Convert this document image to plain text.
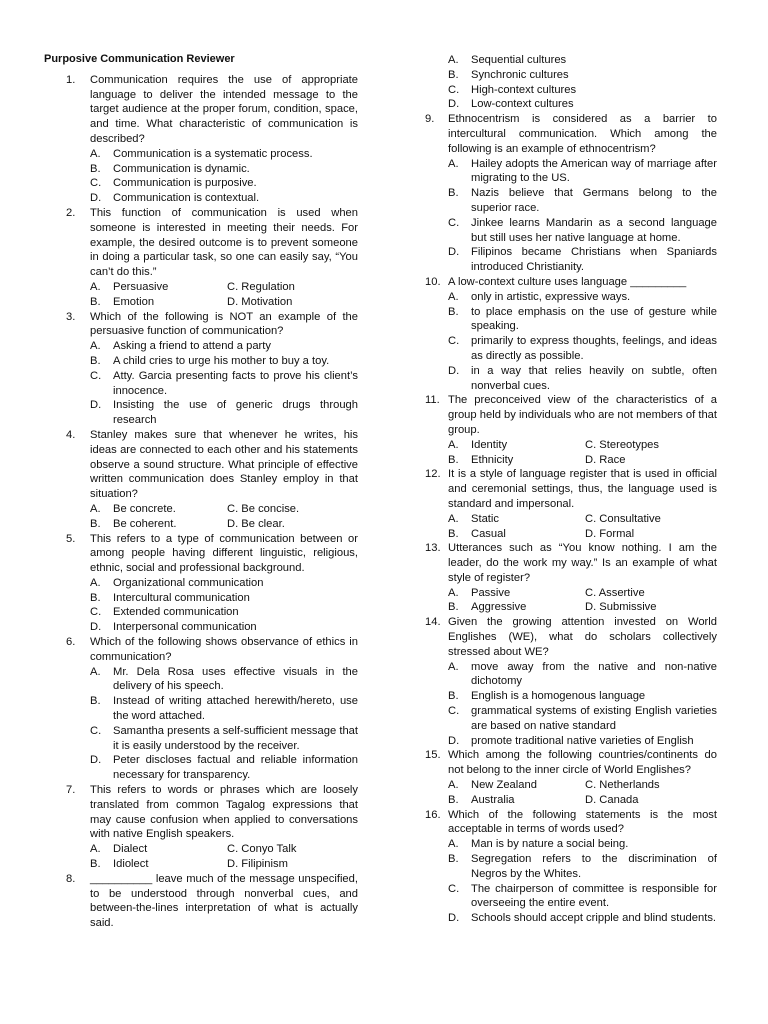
Purposive Communication Reviewer
1. Communication requires the use of appropriate language to deliver the intended message to the target audience at the proper forum, condition, space, and time. What characteristic of communication is described?
A. Communication is a systematic process.
B. Communication is dynamic.
C. Communication is purposive.
D. Communication is contextual.
2. This function of communication is used when someone is interested in meeting their needs. For example, the desired outcome is to prevent someone in doing a particular task, so one can easily say, “You can’t do this.”
A. Persuasive	C. Regulation
B. Emotion	D. Motivation
3. Which of the following is NOT an example of the persuasive function of communication?
A. Asking a friend to attend a party
B. A child cries to urge his mother to buy a toy.
C. Atty. Garcia presenting facts to prove his client’s innocence.
D. Insisting the use of generic drugs through research
4. Stanley makes sure that whenever he writes, his ideas are connected to each other and his statements observe a sound structure. What principle of effective written communication does Stanley employ in that situation?
A. Be concrete.	C. Be concise.
B. Be coherent.	D. Be clear.
5. This refers to a type of communication between or among people having different linguistic, religious, ethnic, social and professional background.
A. Organizational communication
B. Intercultural communication
C. Extended communication
D. Interpersonal communication
6. Which of the following shows observance of ethics in communication?
A. Mr. Dela Rosa uses effective visuals in the delivery of his speech.
B. Instead of writing attached herewith/hereto, use the word attached.
C. Samantha presents a self-sufficient message that it is easily understood by the receiver.
D. Peter discloses factual and reliable information necessary for transparency.
7. This refers to words or phrases which are loosely translated from common Tagalog expressions that may cause confusion when applied to conversations with native English speakers.
A. Dialect	C. Conyo Talk
B. Idiolect	D. Filipinism
8. __________ leave much of the message unspecified, to be understood through nonverbal cues, and between-the-lines interpretation of what is actually said.
A. Sequential cultures
B. Synchronic cultures
C. High-context cultures
D. Low-context cultures
9. Ethnocentrism is considered as a barrier to intercultural communication. Which among the following is an example of ethnocentrism?
A. Hailey adopts the American way of marriage after migrating to the US.
B. Nazis believe that Germans belong to the superior race.
C. Jinkee learns Mandarin as a second language but still uses her native language at home.
D. Filipinos became Christians when Spaniards introduced Christianity.
10. A low-context culture uses language _________
A. only in artistic, expressive ways.
B. to place emphasis on the use of gesture while speaking.
C. primarily to express thoughts, feelings, and ideas as directly as possible.
D. in a way that relies heavily on subtle, often nonverbal cues.
11. The preconceived view of the characteristics of a group held by individuals who are not members of that group.
A. Identity	C. Stereotypes
B. Ethnicity	D. Race
12. It is a style of language register that is used in official and ceremonial settings, thus, the language used is standard and impersonal.
A. Static	C. Consultative
B. Casual	D. Formal
13. Utterances such as “You know nothing. I am the leader, do the work my way.” Is an example of what style of register?
A. Passive	C. Assertive
B. Aggressive	D. Submissive
14. Given the growing attention invested on World Englishes (WE), what do scholars collectively stressed about WE?
A. move away from the native and non-native dichotomy
B. English is a homogenous language
C. grammatical systems of existing English varieties are based on native standard
D. promote traditional native varieties of English
15. Which among the following countries/continents do not belong to the inner circle of World Englishes?
A. New Zealand	C. Netherlands
B. Australia	D. Canada
16. Which of the following statements is the most acceptable in terms of words used?
A. Man is by nature a social being.
B. Segregation refers to the discrimination of Negros by the Whites.
C. The chairperson of committee is responsible for overseeing the entire event.
D. Schools should accept cripple and blind students.
